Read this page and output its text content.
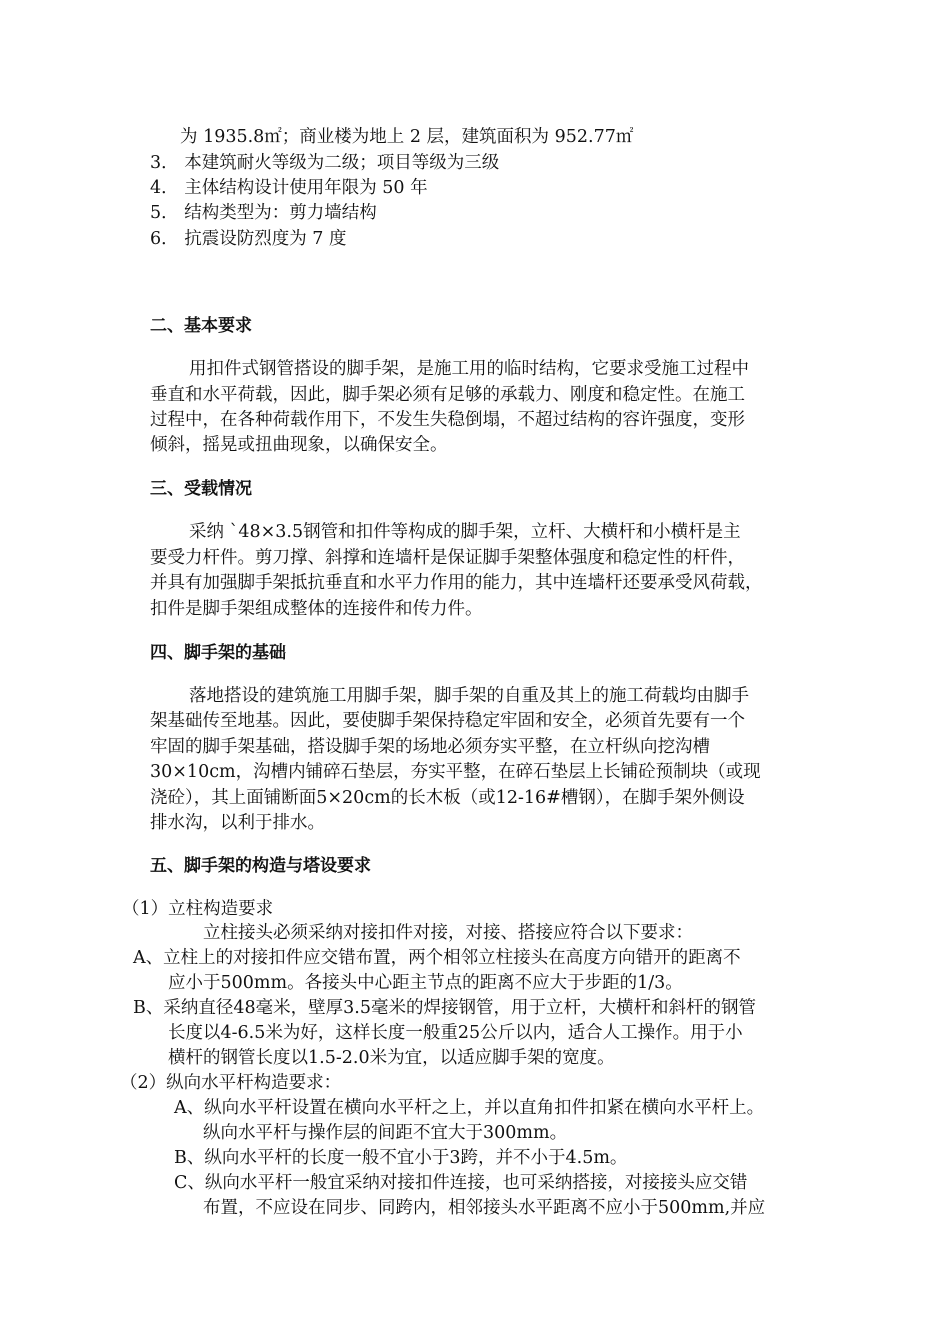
为 1935.8㎡；商业楼为地上 2 层，建筑面积为 952.77㎡
3． 本建筑耐火等级为二级；项目等级为三级
4． 主体结构设计使用年限为 50 年
5． 结构类型为：剪力墙结构
6． 抗震设防烈度为 7 度
二、基本要求
用扣件式钢管搭设的脚手架，是施工用的临时结构，它要求受施工过程中
垂直和水平荷载，因此，脚手架必须有足够的承载力、刚度和稳定性。在施工
过程中，在各种荷载作用下，不发生失稳倒塌，不超过结构的容许强度，变形
倾斜，摇晃或扭曲现象，以确保安全。
三、受载情况
采纳 `48×3.5钢管和扣件等构成的脚手架，立杆、大横杆和小横杆是主
要受力杆件。剪刀撑、斜撑和连墙杆是保证脚手架整体强度和稳定性的杆件，
并具有加强脚手架抵抗垂直和水平力作用的能力，其中连墙杆还要承受风荷载，
扣件是脚手架组成整体的连接件和传力件。
四、脚手架的基础
落地搭设的建筑施工用脚手架，脚手架的自重及其上的施工荷载均由脚手
架基础传至地基。因此，要使脚手架保持稳定牢固和安全，必须首先要有一个
牢固的脚手架基础，搭设脚手架的场地必须夯实平整，在立杆纵向挖沟槽
30×10cm，沟槽内铺碎石垫层，夯实平整，在碎石垫层上长铺砼预制块（或现
浇砼），其上面铺断面5×20cm的长木板（或12-16#槽钢），在脚手架外侧设
排水沟，以利于排水。
五、脚手架的构造与塔设要求
（1）立柱构造要求
立柱接头必须采纳对接扣件对接，对接、搭接应符合以下要求：
A、立柱上的对接扣件应交错布置，两个相邻立柱接头在高度方向错开的距离不
应小于500mm。各接头中心距主节点的距离不应大于步距的1/3。
B、采纳直径48毫米，壁厚3.5毫米的焊接钢管，用于立杆，大横杆和斜杆的钢管
长度以4-6.5米为好，这样长度一般重25公斤以内，适合人工操作。用于小
横杆的钢管长度以1.5-2.0米为宜，以适应脚手架的宽度。
（2）纵向水平杆构造要求：
A、纵向水平杆设置在横向水平杆之上，并以直角扣件扣紧在横向水平杆上。
纵向水平杆与操作层的间距不宜大于300mm。
B、纵向水平杆的长度一般不宜小于3跨，并不小于4.5m。
C、纵向水平杆一般宜采纳对接扣件连接，也可采纳搭接，对接接头应交错
布置，不应设在同步、同跨内，相邻接头水平距离不应小于500mm,并应
